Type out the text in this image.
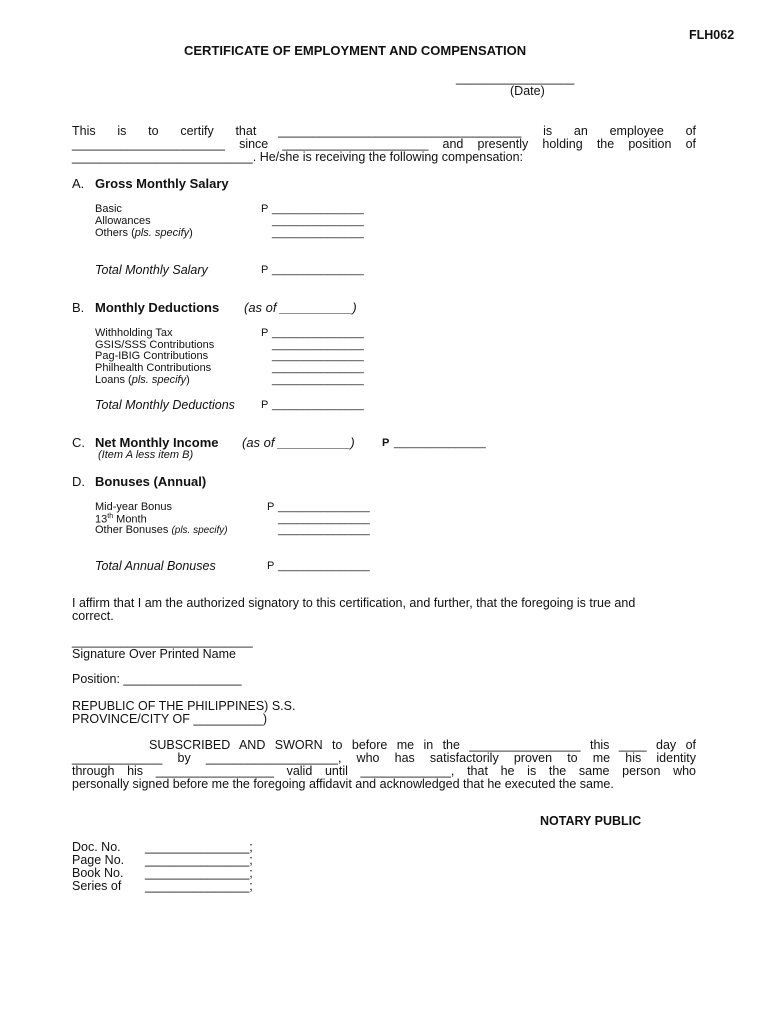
FLH062
CERTIFICATE OF EMPLOYMENT AND COMPENSATION
_________________
(Date)
This is to certify that ___________________________________ is an employee of
______________________ since _____________________ and presently holding the position of
__________________________. He/she is receiving the following compensation:
A. Gross Monthly Salary
Basic	P _______________
Allowances	_______________
Others (pls. specify)	_______________
Total Monthly Salary	P _______________
B. Monthly Deductions (as of __________)
Withholding Tax	P _______________
GSIS/SSS Contributions	_______________
Pag-IBIG Contributions	_______________
Philhealth Contributions	_______________
Loans (pls. specify)	_______________
Total Monthly Deductions P _______________
C. Net Monthly Income (as of __________) P _______________
(Item A less item B)
D. Bonuses (Annual)
Mid-year Bonus	P _______________
13th Month	_______________
Other Bonuses (pls. specify)	_______________
Total Annual Bonuses	P _______________
I affirm that I am the authorized signatory to this certification, and further, that the foregoing is true and
correct.
__________________________
Signature Over Printed Name
Position: _________________
REPUBLIC OF THE PHILIPPINES) S.S.
PROVINCE/CITY OF __________)
SUBSCRIBED AND SWORN to before me in the ________________ this ____ day of
_____________ by ___________________, who has satisfactorily proven to me his identity
through his _________________ valid until _____________, that he is the same person who
personally signed before me the foregoing affidavit and acknowledged that he executed the same.
NOTARY PUBLIC
Doc. No. _______________;
Page No. _______________;
Book No. _______________;
Series of _______________;
